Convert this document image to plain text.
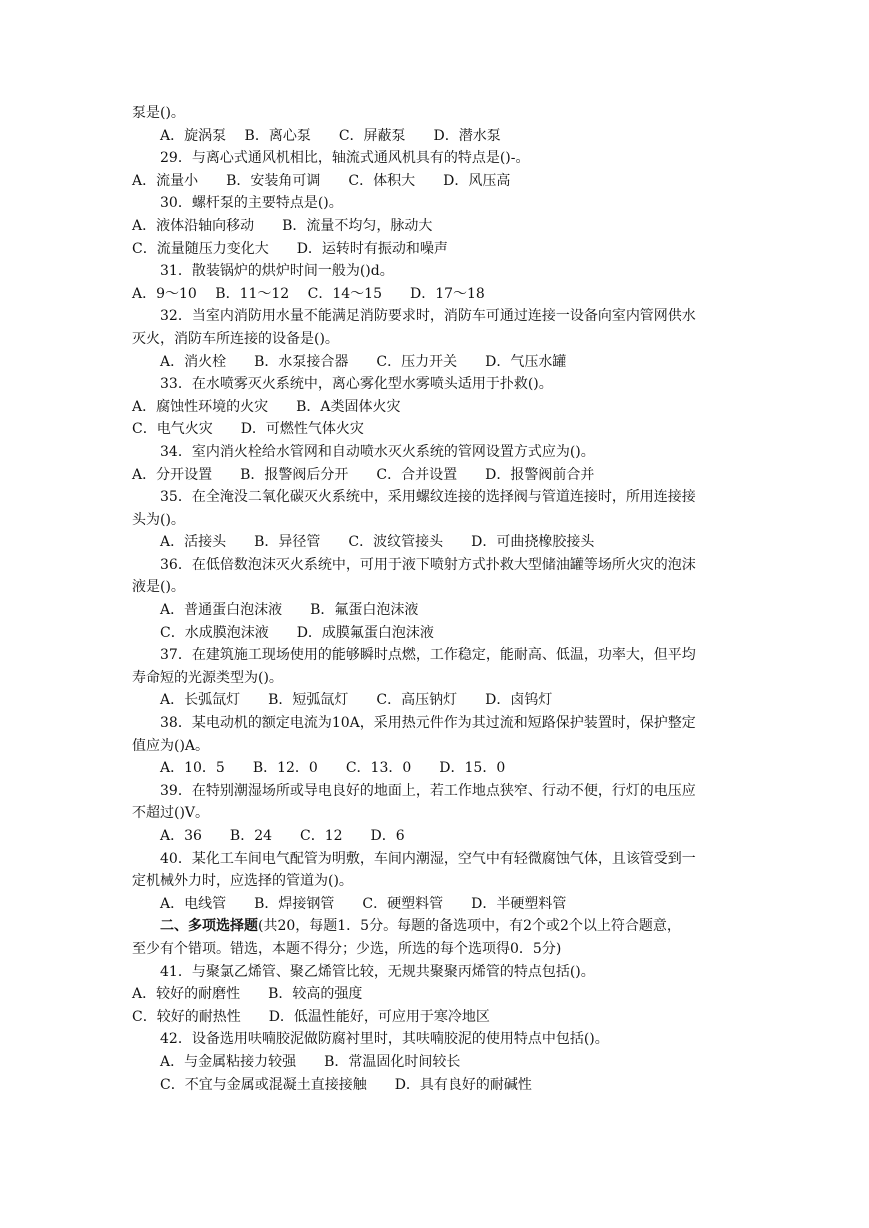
泵是()。
A．旋涡泵　 B．离心泵　　C．屏蔽泵　　D．潜水泵
29．与离心式通风机相比，轴流式通风机具有的特点是()-。
A．流量小　　B．安装角可调　　C．体积大　　D．风压高
30．螺杆泵的主要特点是()。
A．液体沿轴向移动　　B．流量不均匀，脉动大
C．流量随压力变化大　　D．运转时有振动和噪声
31．散装锅炉的烘炉时间一般为()d。
A．9～10　 B．11～12　 C．14～15　　D．17～18
32．当室内消防用水量不能满足消防要求时，消防车可通过连接一设备向室内管网供水
灭火，消防车所连接的设备是()。
A．消火栓　　B．水泵接合器　　C．压力开关　　D．气压水罐
33．在水喷雾灭火系统中，离心雾化型水雾喷头适用于扑救()。
A．腐蚀性环境的火灾　　B．A类固体火灾
C．电气火灾　　D．可燃性气体火灾
34．室内消火栓给水管网和自动喷水灭火系统的管网设置方式应为()。
A．分开设置　　B．报警阀后分开　　C．合并设置　　D．报警阀前合并
35．在全淹没二氧化碳灭火系统中，采用螺纹连接的选择阀与管道连接时，所用连接接
头为()。
A．活接头　　B．异径管　　C．波纹管接头　　D．可曲挠橡胶接头
36．在低倍数泡沫灭火系统中，可用于液下喷射方式扑救大型储油罐等场所火灾的泡沫
液是()。
A．普通蛋白泡沫液　　B．氟蛋白泡沫液
C．水成膜泡沫液　　D．成膜氟蛋白泡沫液
37．在建筑施工现场使用的能够瞬时点燃，工作稳定，能耐高、低温，功率大，但平均
寿命短的光源类型为()。
A．长弧氙灯　　B．短弧氙灯　　C．高压钠灯　　D．卤钨灯
38．某电动机的额定电流为10A，采用热元件作为其过流和短路保护装置时，保护整定
值应为()A。
A．10．5　　B．12．0　　C．13．0　　D．15．0
39．在特别潮湿场所或导电良好的地面上，若工作地点狭窄、行动不便，行灯的电压应
不超过()V。
A．36　　B．24　　C．12　　D．6
40．某化工车间电气配管为明敷，车间内潮湿，空气中有轻微腐蚀气体，且该管受到一
定机械外力时，应选择的管道为()。
A．电线管　　B．焊接钢管　　C．硬塑料管　　D．半硬塑料管
二、多项选择题(共20，每题1．5分。每题的备选项中，有2个或2个以上符合题意，
至少有个错项。错选，本题不得分；少选，所选的每个选项得0．5分)
41．与聚氯乙烯管、聚乙烯管比较，无规共聚聚丙烯管的特点包括()。
A．较好的耐磨性　　B．较高的强度
C．较好的耐热性　　D．低温性能好，可应用于寒冷地区
42．设备选用呋喃胶泥做防腐衬里时，其呋喃胶泥的使用特点中包括()。
A．与金属粘接力较强　　B．常温固化时间较长
C．不宜与金属或混凝土直接接触　　D．具有良好的耐碱性
